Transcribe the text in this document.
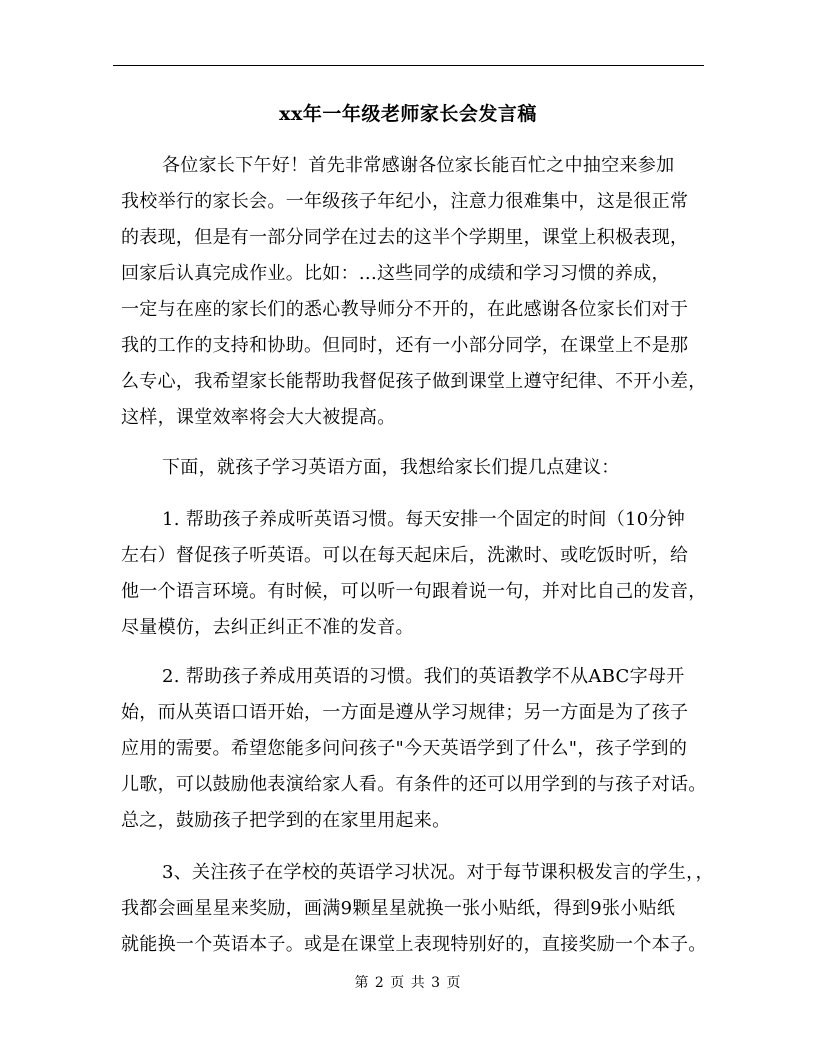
xx年一年级老师家长会发言稿
各位家长下午好！首先非常感谢各位家长能百忙之中抽空来参加
我校举行的家长会。一年级孩子年纪小，注意力很难集中，这是很正常
的表现，但是有一部分同学在过去的这半个学期里，课堂上积极表现，
回家后认真完成作业。比如：...这些同学的成绩和学习习惯的养成，
一定与在座的家长们的悉心教导师分不开的，在此感谢各位家长们对于
我的工作的支持和协助。但同时，还有一小部分同学，在课堂上不是那
么专心，我希望家长能帮助我督促孩子做到课堂上遵守纪律、不开小差，
这样，课堂效率将会大大被提高。
下面，就孩子学习英语方面，我想给家长们提几点建议：
1. 帮助孩子养成听英语习惯。每天安排一个固定的时间（10分钟
左右）督促孩子听英语。可以在每天起床后，洗漱时、或吃饭时听，给
他一个语言环境。有时候，可以听一句跟着说一句，并对比自己的发音，
尽量模仿，去纠正纠正不准的发音。
2. 帮助孩子养成用英语的习惯。我们的英语教学不从ABC字母开
始，而从英语口语开始，一方面是遵从学习规律；另一方面是为了孩子
应用的需要。希望您能多问问孩子"今天英语学到了什么"，孩子学到的
儿歌，可以鼓励他表演给家人看。有条件的还可以用学到的与孩子对话。
总之，鼓励孩子把学到的在家里用起来。
3、关注孩子在学校的英语学习状况。对于每节课积极发言的学生，，
我都会画星星来奖励，画满9颗星星就换一张小贴纸，得到9张小贴纸
就能换一个英语本子。或是在课堂上表现特别好的，直接奖励一个本子。
第 2 页 共 3 页
